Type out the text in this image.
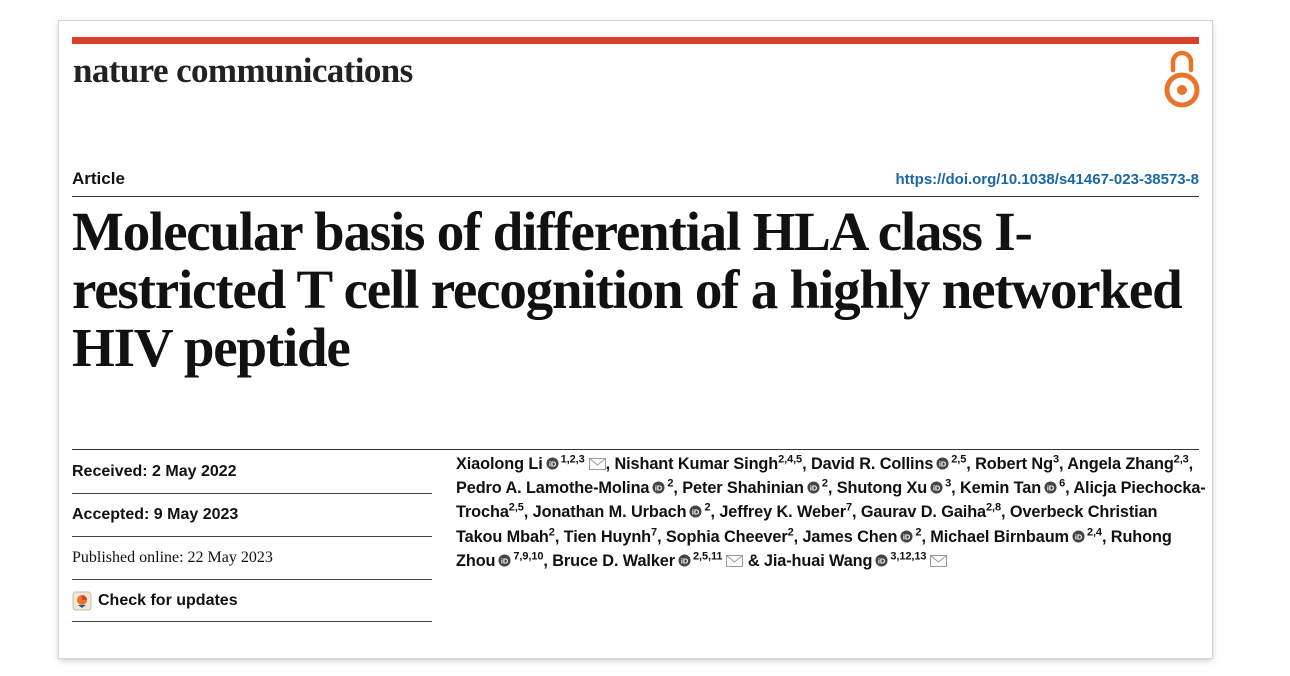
nature communications
Article	https://doi.org/10.1038/s41467-023-38573-8
Molecular basis of differential HLA class I-restricted T cell recognition of a highly networked HIV peptide
Received: 2 May 2022
Accepted: 9 May 2023
Published online: 22 May 2023
Check for updates
Xiaolong Li iD $^{1,2,3}$ , Nishant Kumar Singh$^{2,4,5}$, David R. Collins iD $^{2,5}$, Robert Ng$^3$, Angela Zhang$^{2,3}$, Pedro A. Lamothe-Molina iD $^2$, Peter Shahinian iD $^2$, Shutong Xu iD $^3$, Kemin Tan iD $^6$, Alicja Piechocka-Trocha$^{2,5}$, Jonathan M. Urbach iD $^2$, Jeffrey K. Weber$^7$, Gaurav D. Gaiha$^{2,8}$, Overbeck Christian Takou Mbah$^2$, Tien Huynh$^7$, Sophia Cheever$^2$, James Chen iD $^2$, Michael Birnbaum iD $^{2,4}$, Ruhong Zhou iD $^{7,9,10}$, Bruce D. Walker iD $^{2,5,11}$ & Jia-huai Wang iD $^{3,12,13}$
